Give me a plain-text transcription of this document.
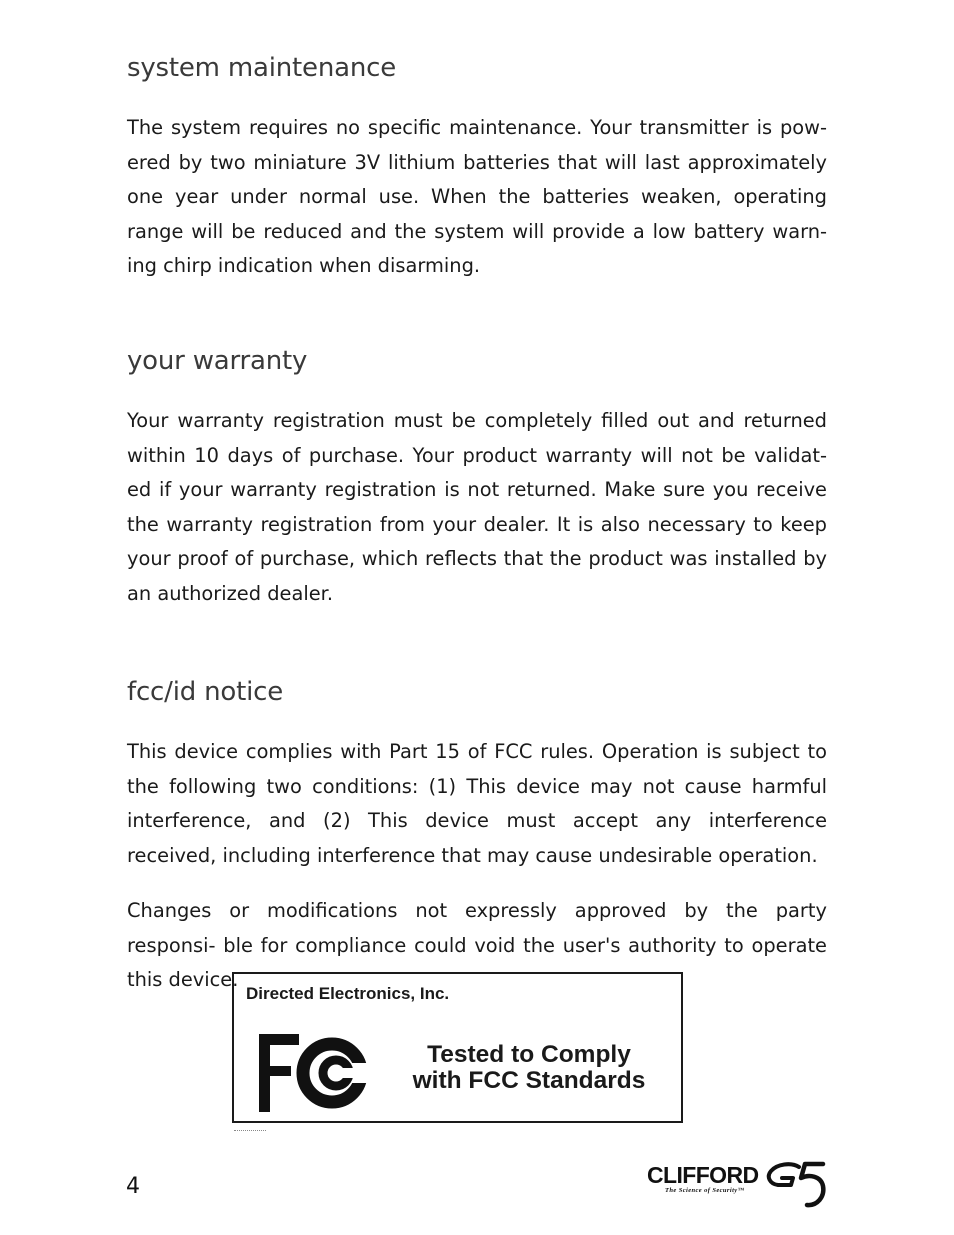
system maintenance

The system requires no specific maintenance. Your transmitter is pow- ered by two miniature 3V lithium batteries that will last approximately one year under normal use. When the batteries weaken, operating range will be reduced and the system will provide a low battery warn- ing chirp indication when disarming.

your warranty

Your warranty registration must be completely filled out and returned within 10 days of purchase. Your product warranty will not be validat- ed if your warranty registration is not returned. Make sure you receive the warranty registration from your dealer. It is also necessary to keep your proof of purchase, which reflects that the product was installed by an authorized dealer.

fcc/id notice

This device complies with Part 15 of FCC rules. Operation is subject to the following two conditions: (1) This device may not cause harmful interference, and (2) This device must accept any interference received, including interference that may cause undesirable operation.

Changes or modifications not expressly approved by the party responsi- ble for compliance could void the user's authority to operate this device.

Directed Electronics, Inc.
Tested to Comply
with FCC Standards
4	CLIFFORD
The Science of Security™
